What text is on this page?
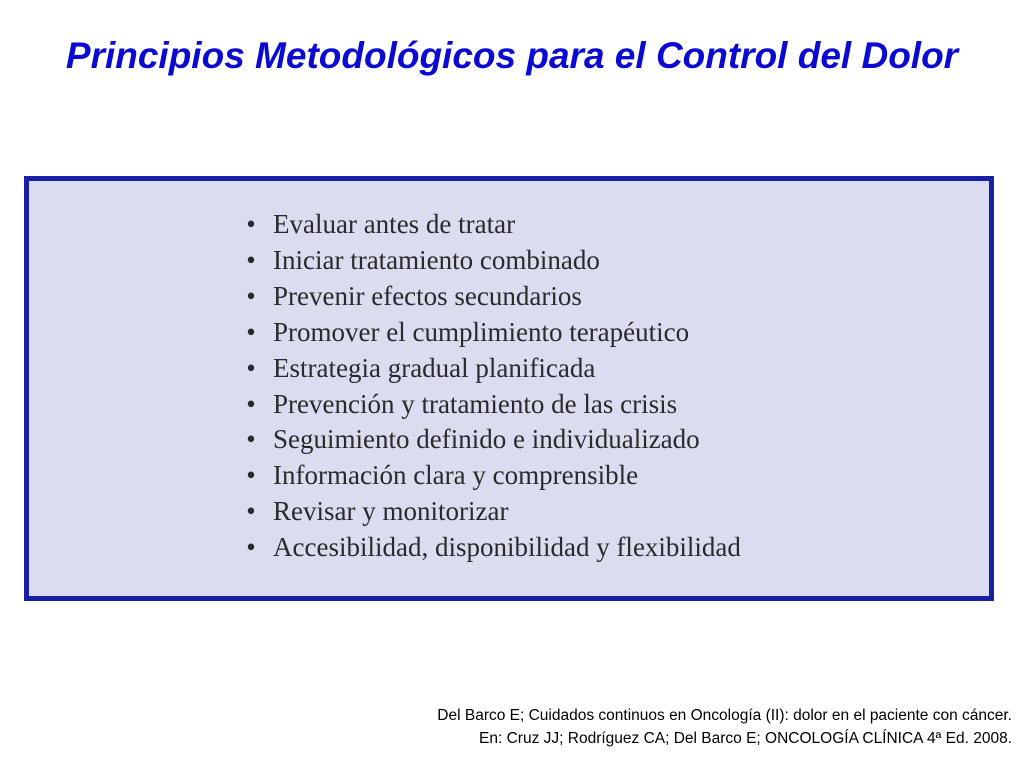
Principios Metodológicos para el Control del Dolor
• Evaluar antes de tratar
• Iniciar tratamiento combinado
• Prevenir efectos secundarios
• Promover el cumplimiento terapéutico
• Estrategia gradual planificada
• Prevención y tratamiento de las crisis
• Seguimiento definido e individualizado
• Información clara y comprensible
• Revisar y monitorizar
• Accesibilidad, disponibilidad y flexibilidad
Del Barco E; Cuidados continuos en Oncología (II): dolor en el paciente con cáncer.
En: Cruz JJ; Rodríguez CA; Del Barco E; ONCOLOGÍA CLÍNICA 4ª Ed. 2008.
